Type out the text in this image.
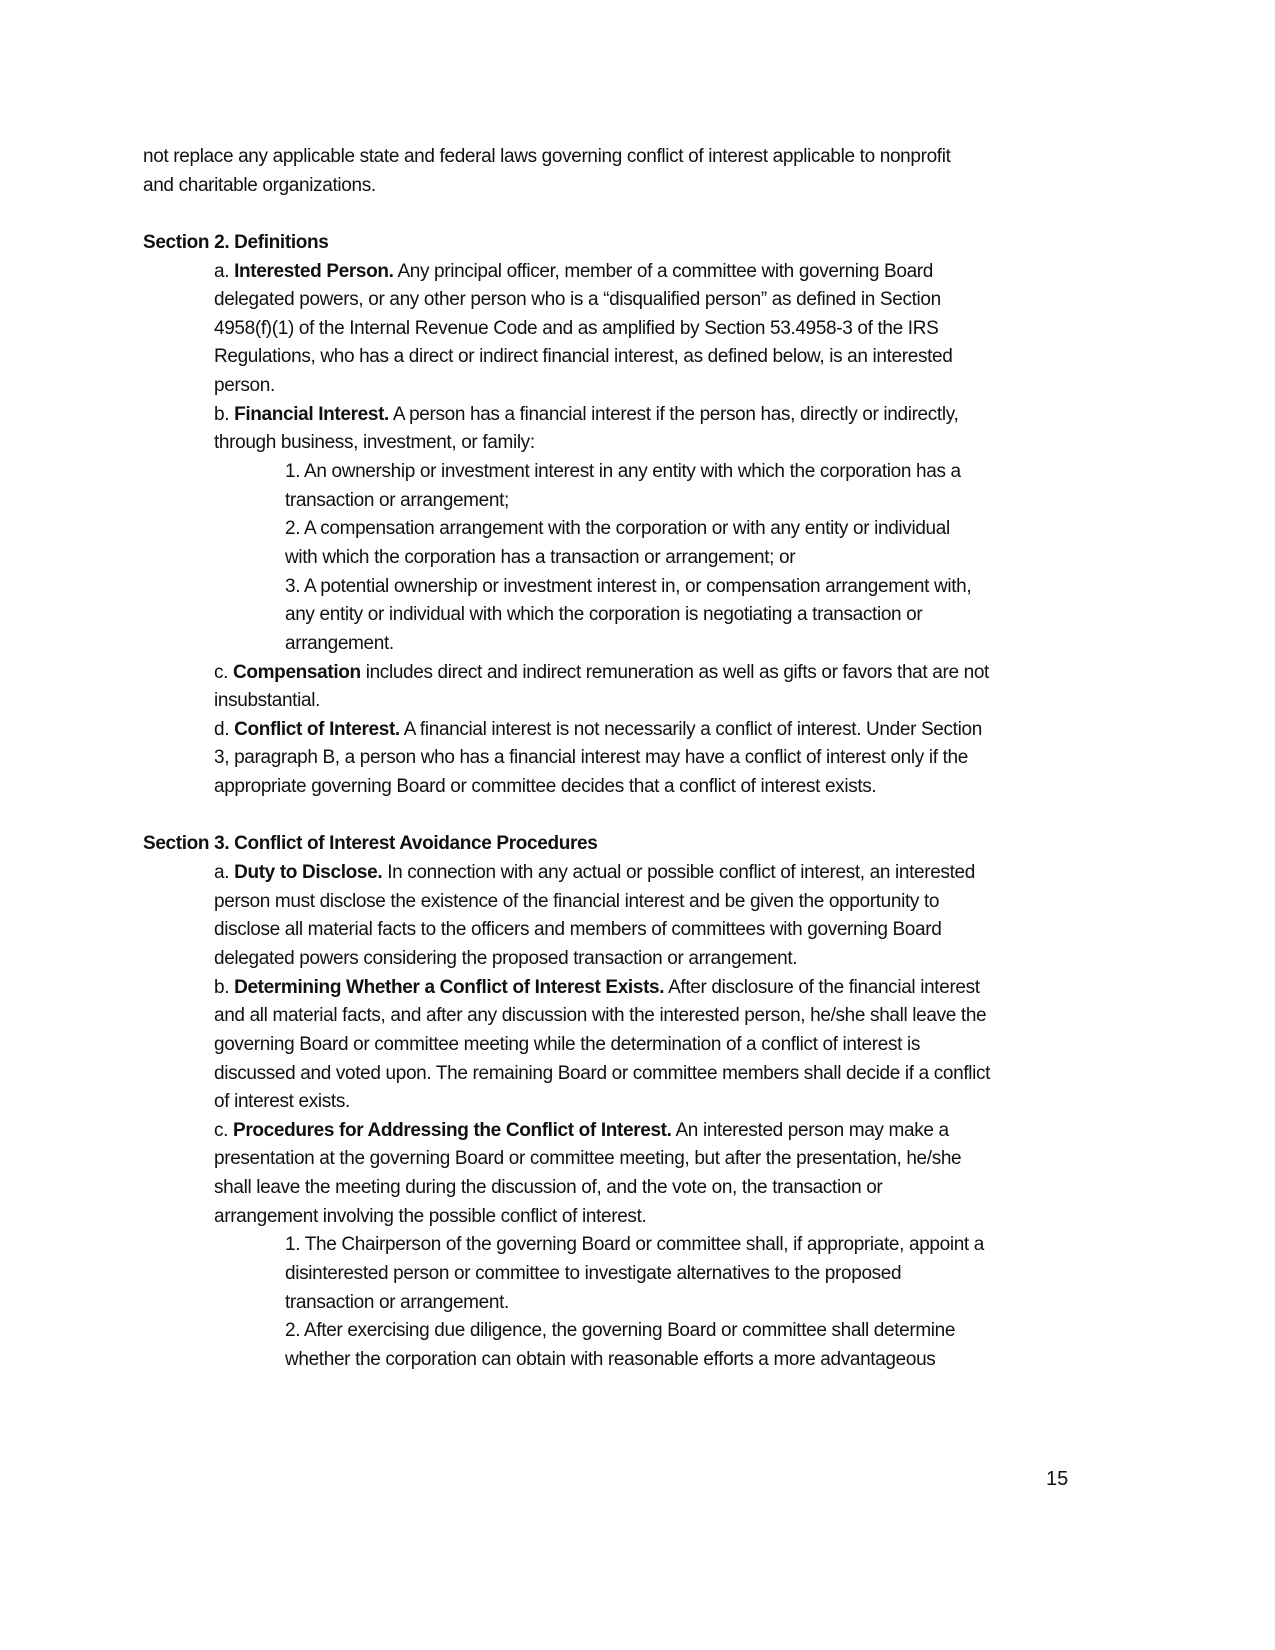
not replace any applicable state and federal laws governing conflict of interest applicable to nonprofit
and charitable organizations.
Section 2. Definitions
a. Interested Person. Any principal officer, member of a committee with governing Board
delegated powers, or any other person who is a “disqualified person” as defined in Section
4958(f)(1) of the Internal Revenue Code and as amplified by Section 53.4958-3 of the IRS
Regulations, who has a direct or indirect financial interest, as defined below, is an interested
person.
b. Financial Interest. A person has a financial interest if the person has, directly or indirectly,
through business, investment, or family:
1. An ownership or investment interest in any entity with which the corporation has a
transaction or arrangement;
2. A compensation arrangement with the corporation or with any entity or individual
with which the corporation has a transaction or arrangement; or
3. A potential ownership or investment interest in, or compensation arrangement with,
any entity or individual with which the corporation is negotiating a transaction or
arrangement.
c. Compensation includes direct and indirect remuneration as well as gifts or favors that are not
insubstantial.
d. Conflict of Interest. A financial interest is not necessarily a conflict of interest. Under Section
3, paragraph B, a person who has a financial interest may have a conflict of interest only if the
appropriate governing Board or committee decides that a conflict of interest exists.
Section 3. Conflict of Interest Avoidance Procedures
a. Duty to Disclose. In connection with any actual or possible conflict of interest, an interested
person must disclose the existence of the financial interest and be given the opportunity to
disclose all material facts to the officers and members of committees with governing Board
delegated powers considering the proposed transaction or arrangement.
b. Determining Whether a Conflict of Interest Exists. After disclosure of the financial interest
and all material facts, and after any discussion with the interested person, he/she shall leave the
governing Board or committee meeting while the determination of a conflict of interest is
discussed and voted upon. The remaining Board or committee members shall decide if a conflict
of interest exists.
c. Procedures for Addressing the Conflict of Interest. An interested person may make a
presentation at the governing Board or committee meeting, but after the presentation, he/she
shall leave the meeting during the discussion of, and the vote on, the transaction or
arrangement involving the possible conflict of interest.
1. The Chairperson of the governing Board or committee shall, if appropriate, appoint a
disinterested person or committee to investigate alternatives to the proposed
transaction or arrangement.
2. After exercising due diligence, the governing Board or committee shall determine
whether the corporation can obtain with reasonable efforts a more advantageous
15
